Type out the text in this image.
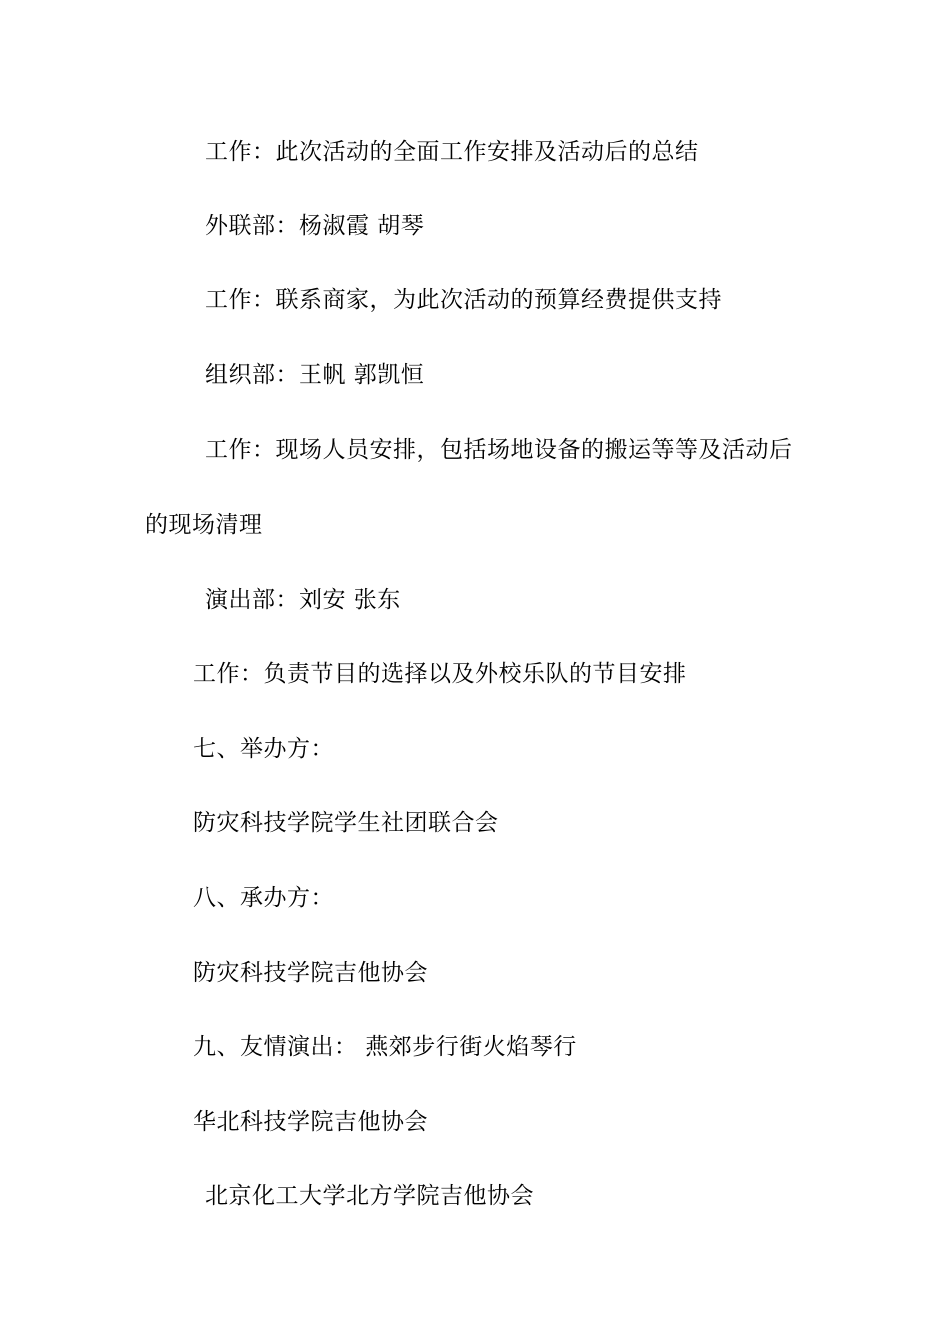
工作：此次活动的全面工作安排及活动后的总结
外联部：杨淑霞 胡琴
工作：联系商家，为此次活动的预算经费提供支持
组织部：王帆 郭凯恒
工作：现场人员安排，包括场地设备的搬运等等及活动后
的现场清理
演出部：刘安 张东
工作：负责节目的选择以及外校乐队的节目安排
七、举办方：
防灾科技学院学生社团联合会
八、承办方：
防灾科技学院吉他协会
九、友情演出： 燕郊步行街火焰琴行
华北科技学院吉他协会
北京化工大学北方学院吉他协会
